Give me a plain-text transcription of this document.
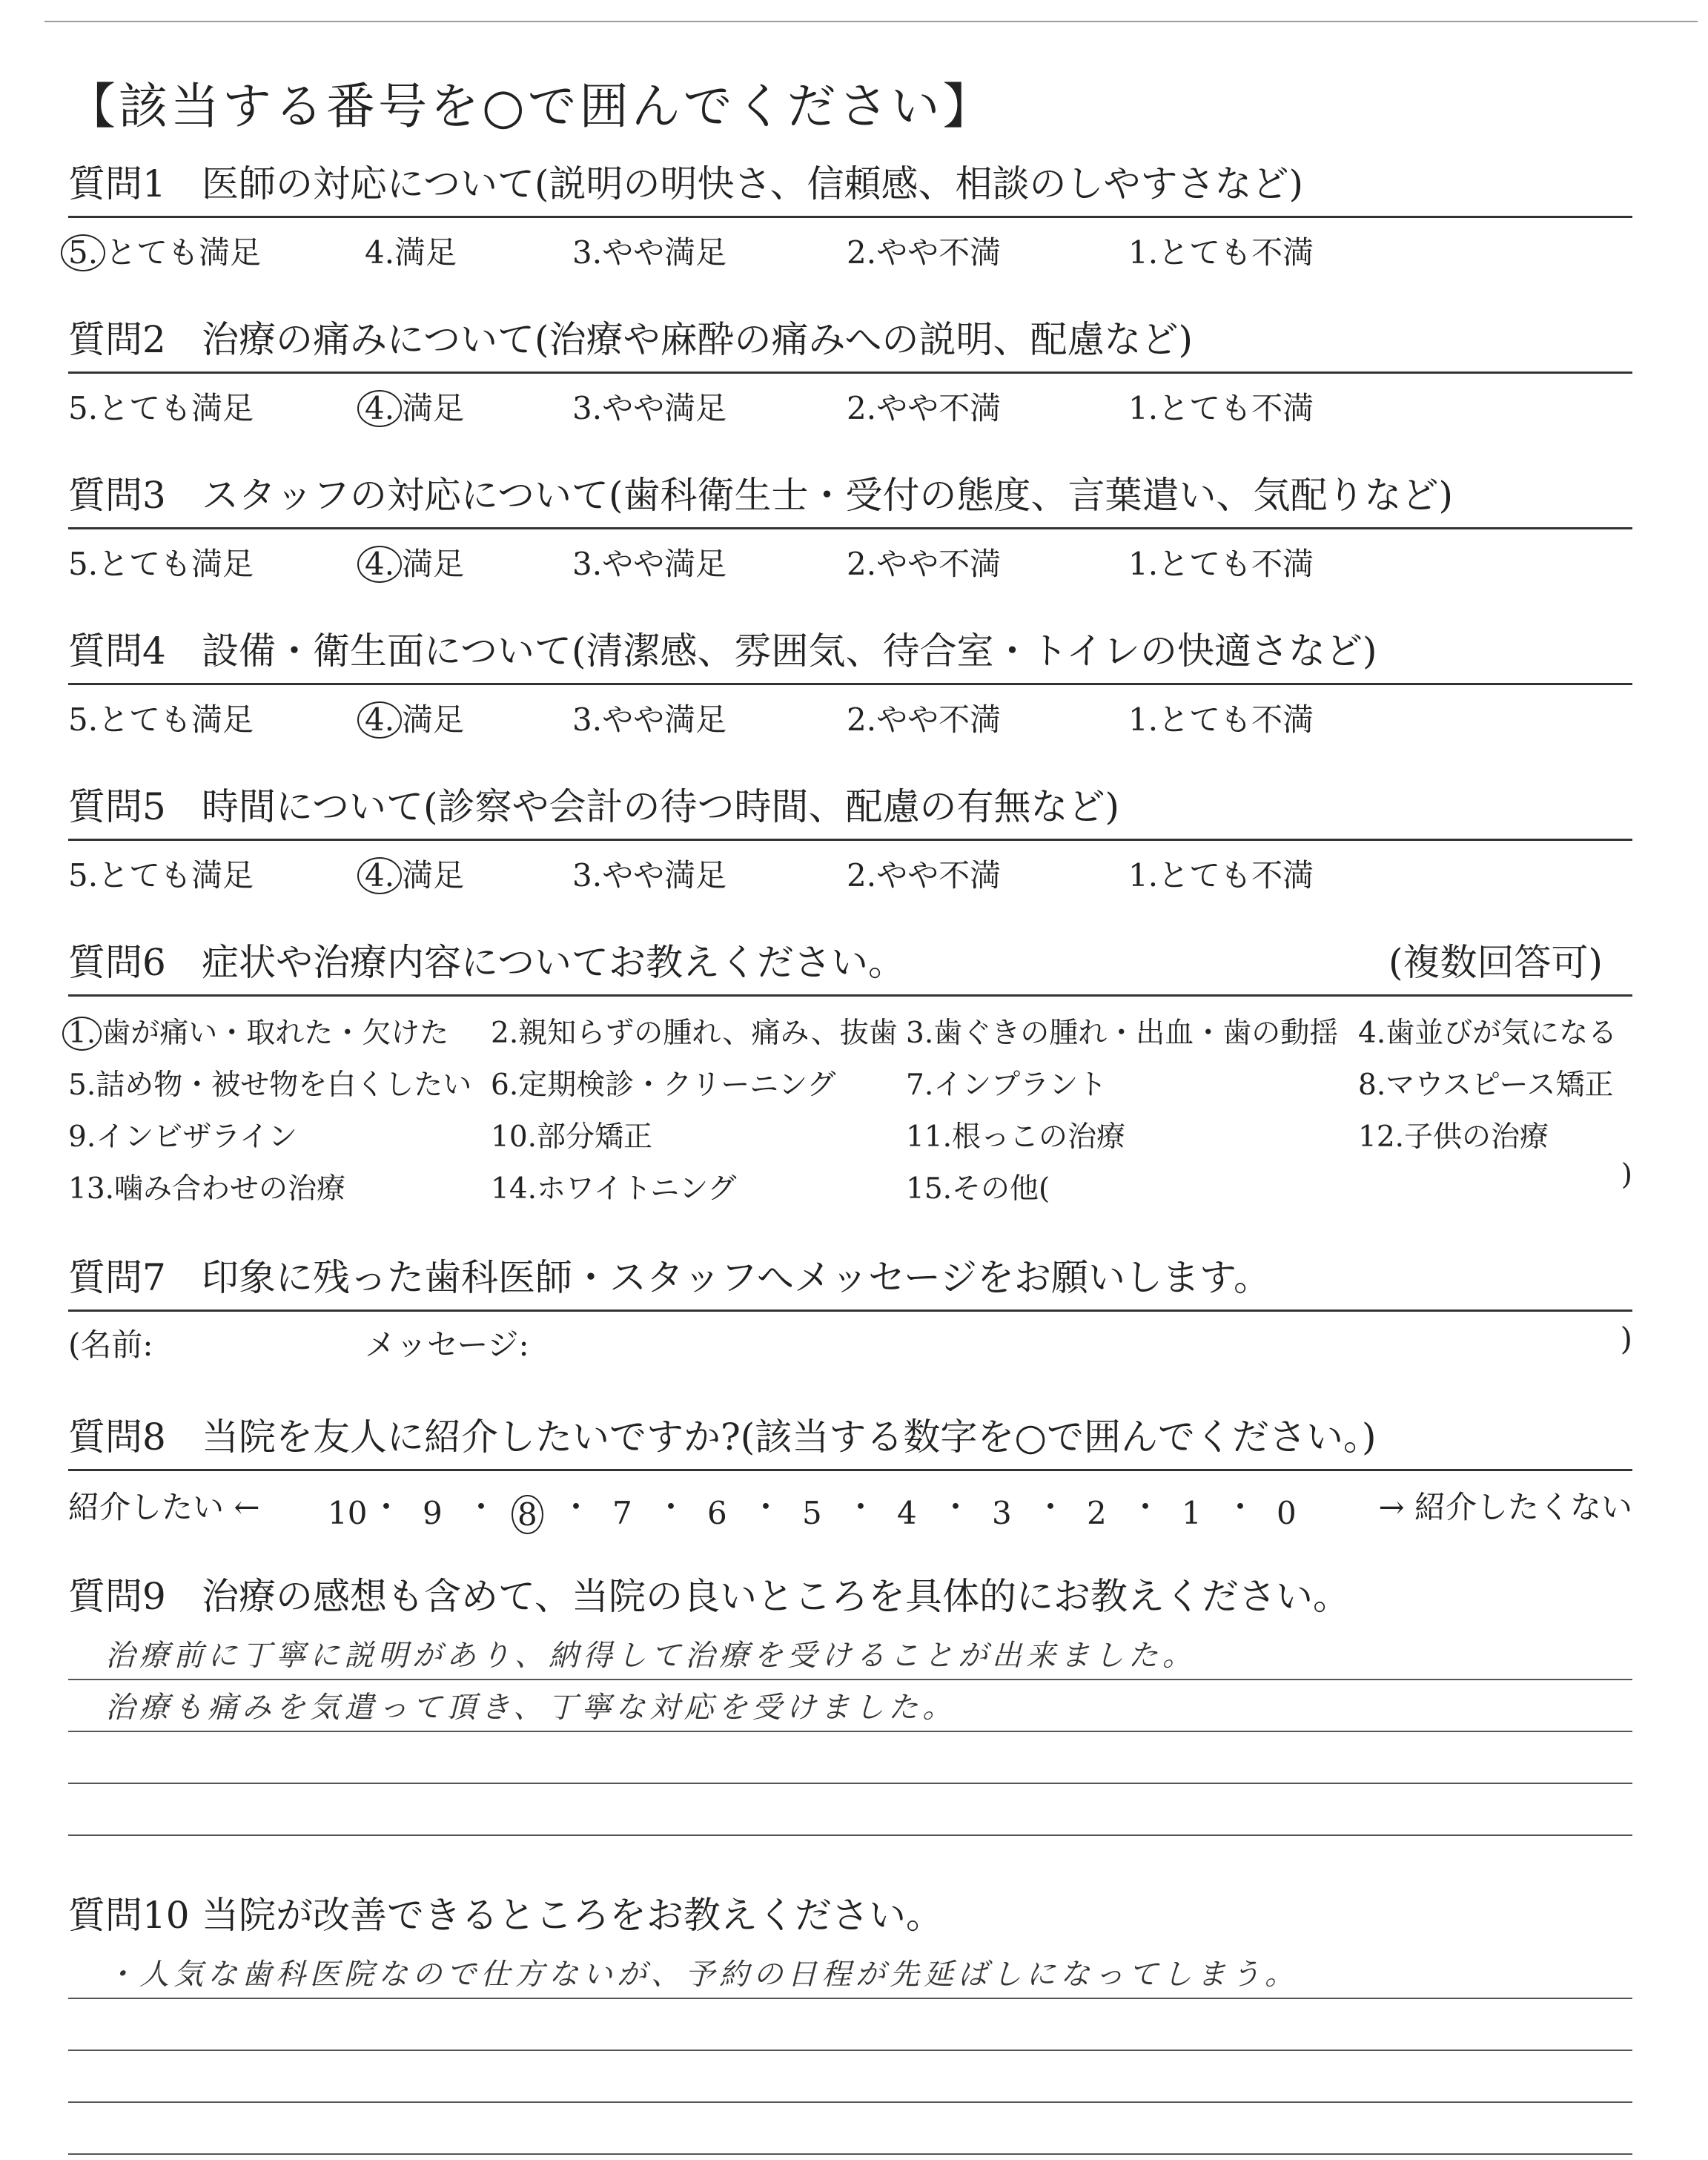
【該当する番号を○で囲んでください】
質問1 医師の対応について(説明の明快さ、信頼感、相談のしやすさなど)
5. とても満足	4.満足	3.やや満足	2.やや不満	1.とても不満
質問2 治療の痛みについて(治療や麻酔の痛みへの説明、配慮など)
5.とても満足	4. 満足	3.やや満足	2.やや不満	1.とても不満
質問3 スタッフの対応について(歯科衛生士・受付の態度、言葉遣い、気配りなど)
5.とても満足	4. 満足	3.やや満足	2.やや不満	1.とても不満
質問4 設備・衛生面について(清潔感、雰囲気、待合室・トイレの快適さなど)
5.とても満足	4. 満足	3.やや満足	2.やや不満	1.とても不満
質問5 時間について(診察や会計の待つ時間、配慮の有無など)
5.とても満足	4. 満足	3.やや満足	2.やや不満	1.とても不満
質問6 症状や治療内容についてお教えください。	(複数回答可)
)
1. 歯が痛い・取れた・欠けた 2.親知らずの腫れ、痛み、抜歯 3.歯ぐきの腫れ・出血・歯の動揺 4.歯並びが気になる
5.詰め物・被せ物を白くしたい 6.定期検診・クリーニング 7.インプラント	8.マウスピース矯正
9.インビザライン	10.部分矯正	11.根っこの治療	12.子供の治療
13.噛み合わせの治療	14.ホワイトニング	15.その他(
質問7 印象に残った歯科医師・スタッフへメッセージをお願いします。
(名前:	メッセージ:	)
質問8 当院を友人に紹介したいですか?(該当する数字を○で囲んでください。)
紹介したい ←	→ 紹介したくない
10 ・ 9 ・ 8 ・ 7 ・ 6 ・ 5 ・ 4 ・ 3 ・ 2 ・ 1 ・ 0
質問9 治療の感想も含めて、当院の良いところを具体的にお教えください。
治療前に丁寧に説明があり、納得して治療を受けることが出来ました。
治療も痛みを気遣って頂き、丁寧な対応を受けました。
質問10 当院が改善できるところをお教えください。
・人気な歯科医院なので仕方ないが、予約の日程が先延ばしになってしまう。
